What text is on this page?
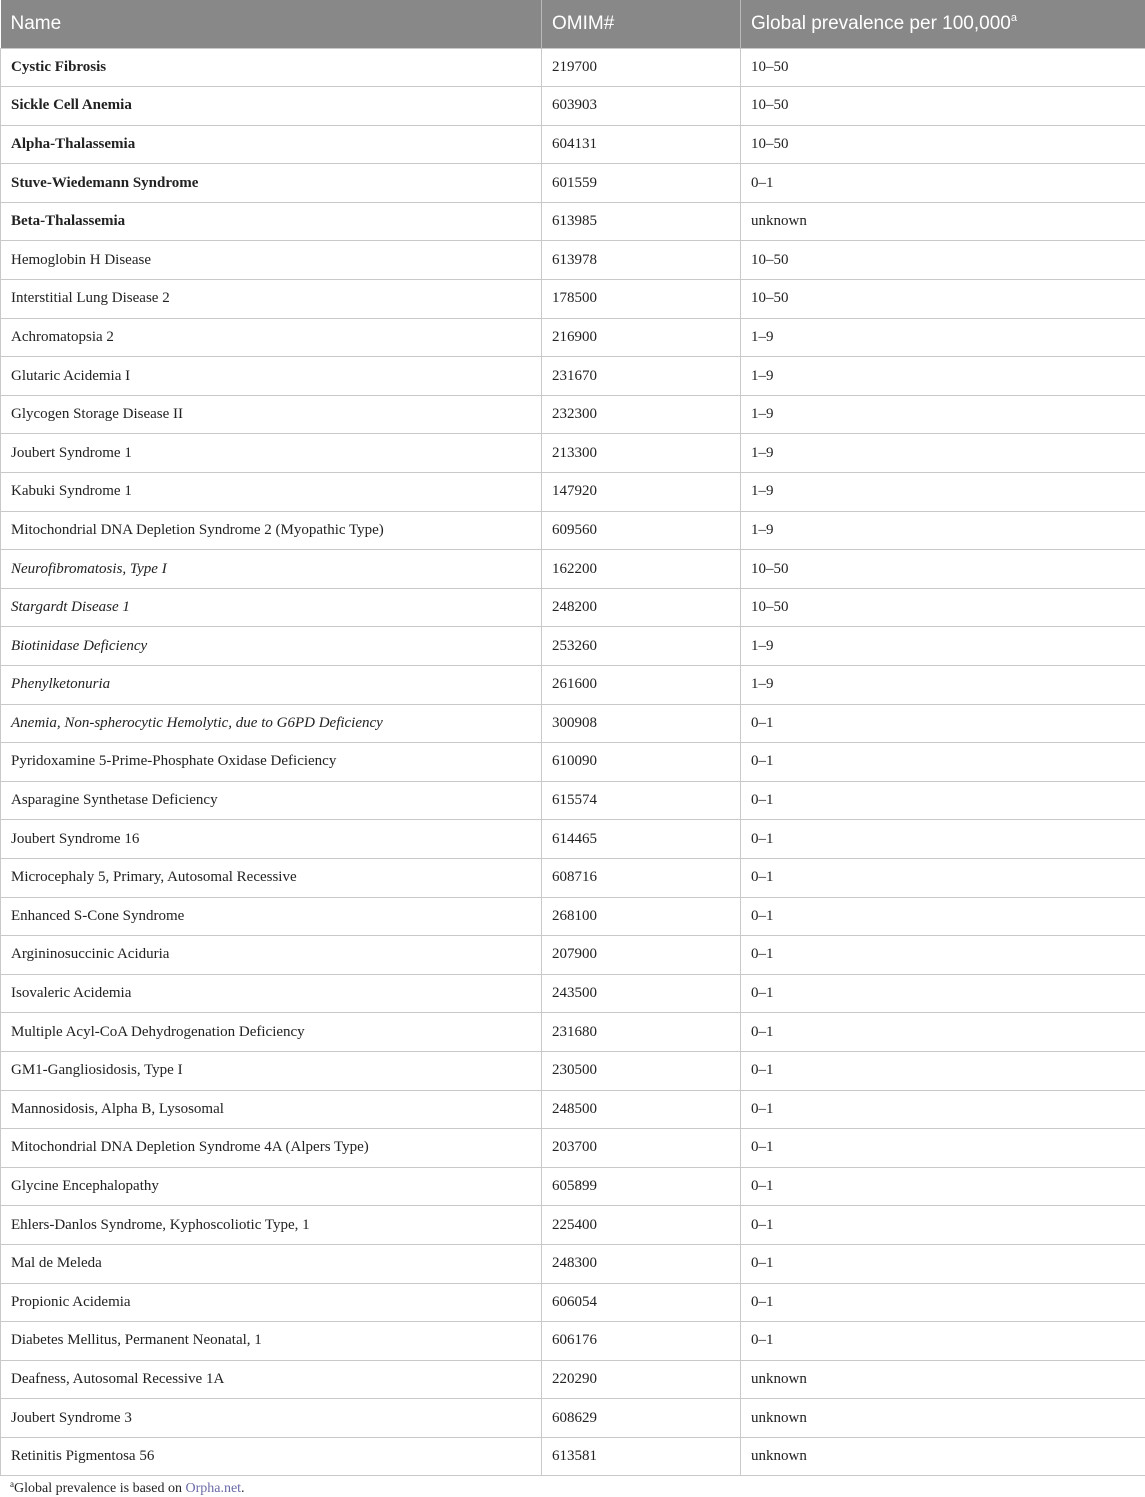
Name	OMIM#	Global prevalence per 100,000$^a$
Cystic Fibrosis	219700	10–50
Sickle Cell Anemia	603903	10–50
Alpha-Thalassemia	604131	10–50
Stuve-Wiedemann Syndrome	601559	0–1
Beta-Thalassemia	613985	unknown
Hemoglobin H Disease	613978	10–50
Interstitial Lung Disease 2	178500	10–50
Achromatopsia 2	216900	1–9
Glutaric Acidemia I	231670	1–9
Glycogen Storage Disease II	232300	1–9
Joubert Syndrome 1	213300	1–9
Kabuki Syndrome 1	147920	1–9
Mitochondrial DNA Depletion Syndrome 2 (Myopathic Type)	609560	1–9
Neurofibromatosis, Type I	162200	10–50
Stargardt Disease 1	248200	10–50
Biotinidase Deficiency	253260	1–9
Phenylketonuria	261600	1–9
Anemia, Non-spherocytic Hemolytic, due to G6PD Deficiency	300908	0–1
Pyridoxamine 5-Prime-Phosphate Oxidase Deficiency	610090	0–1
Asparagine Synthetase Deficiency	615574	0–1
Joubert Syndrome 16	614465	0–1
Microcephaly 5, Primary, Autosomal Recessive	608716	0–1
Enhanced S-Cone Syndrome	268100	0–1
Argininosuccinic Aciduria	207900	0–1
Isovaleric Acidemia	243500	0–1
Multiple Acyl-CoA Dehydrogenation Deficiency	231680	0–1
GM1-Gangliosidosis, Type I	230500	0–1
Mannosidosis, Alpha B, Lysosomal	248500	0–1
Mitochondrial DNA Depletion Syndrome 4A (Alpers Type)	203700	0–1
Glycine Encephalopathy	605899	0–1
Ehlers-Danlos Syndrome, Kyphoscoliotic Type, 1	225400	0–1
Mal de Meleda	248300	0–1
Propionic Acidemia	606054	0–1
Diabetes Mellitus, Permanent Neonatal, 1	606176	0–1
Deafness, Autosomal Recessive 1A	220290	unknown
Joubert Syndrome 3	608629	unknown
Retinitis Pigmentosa 56	613581	unknown
$^a$Global prevalence is based on Orpha.net.
